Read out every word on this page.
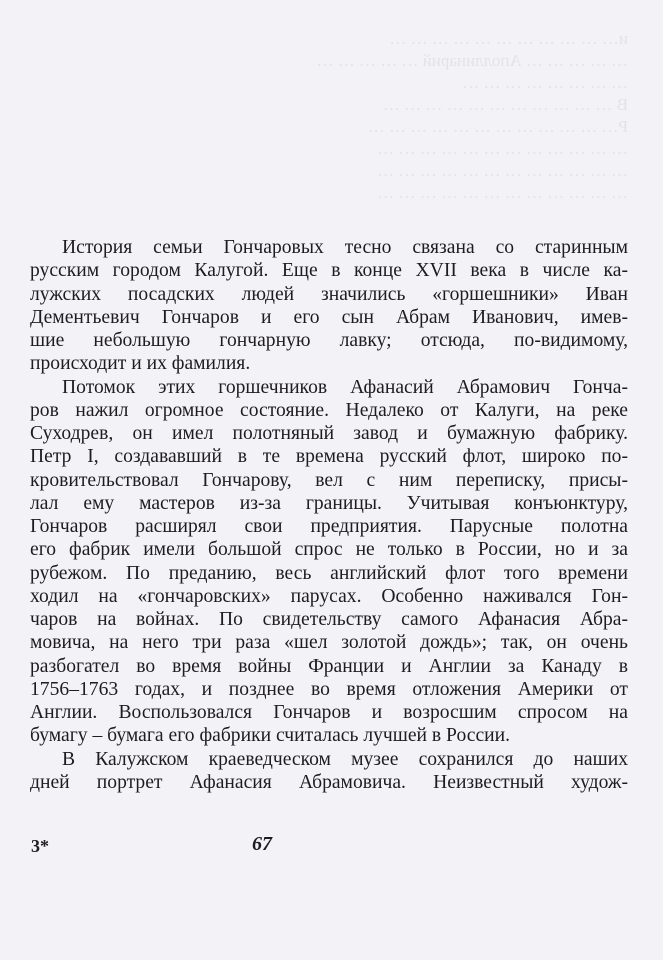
и… … … … … … … … … … …

… … … … … Аполлинарий … … … … …

… … … … … … … …

В … … … … … … … … … … …

Р… … … … … … … … … … … …

… … … … … … … … … … … …

… … … … … … … … … … … …

… … … … … … … … … … … …

История семьи Гончаровых тесно связана со старинным
русским городом Калугой. Еще в конце XVII века в числе ка-
лужских посадских людей значились «горшешники» Иван
Дементьевич Гончаров и его сын Абрам Иванович, имев-
шие небольшую гончарную лавку; отсюда, по-видимому,
происходит и их фамилия.
Потомок этих горшечников Афанасий Абрамович Гонча-
ров нажил огромное состояние. Недалеко от Калуги, на реке
Суходрев, он имел полотняный завод и бумажную фабрику.
Петр I, создававший в те времена русский флот, широко по-
кровительствовал Гончарову, вел с ним переписку, присы-
лал ему мастеров из-за границы. Учитывая конъюнктуру,
Гончаров расширял свои предприятия. Парусные полотна
его фабрик имели большой спрос не только в России, но и за
рубежом. По преданию, весь английский флот того времени
ходил на «гончаровских» парусах. Особенно наживался Гон-
чаров на войнах. По свидетельству самого Афанасия Абра-
мовича, на него три раза «шел золотой дождь»; так, он очень
разбогател во время войны Франции и Англии за Канаду в
1756–1763 годах, и позднее во время отложения Америки от
Англии. Воспользовался Гончаров и возросшим спросом на
бумагу – бумага его фабрики считалась лучшей в России.
В Калужском краеведческом музее сохранился до наших
дней портрет Афанасия Абрамовича. Неизвестный худож-
3*	67
